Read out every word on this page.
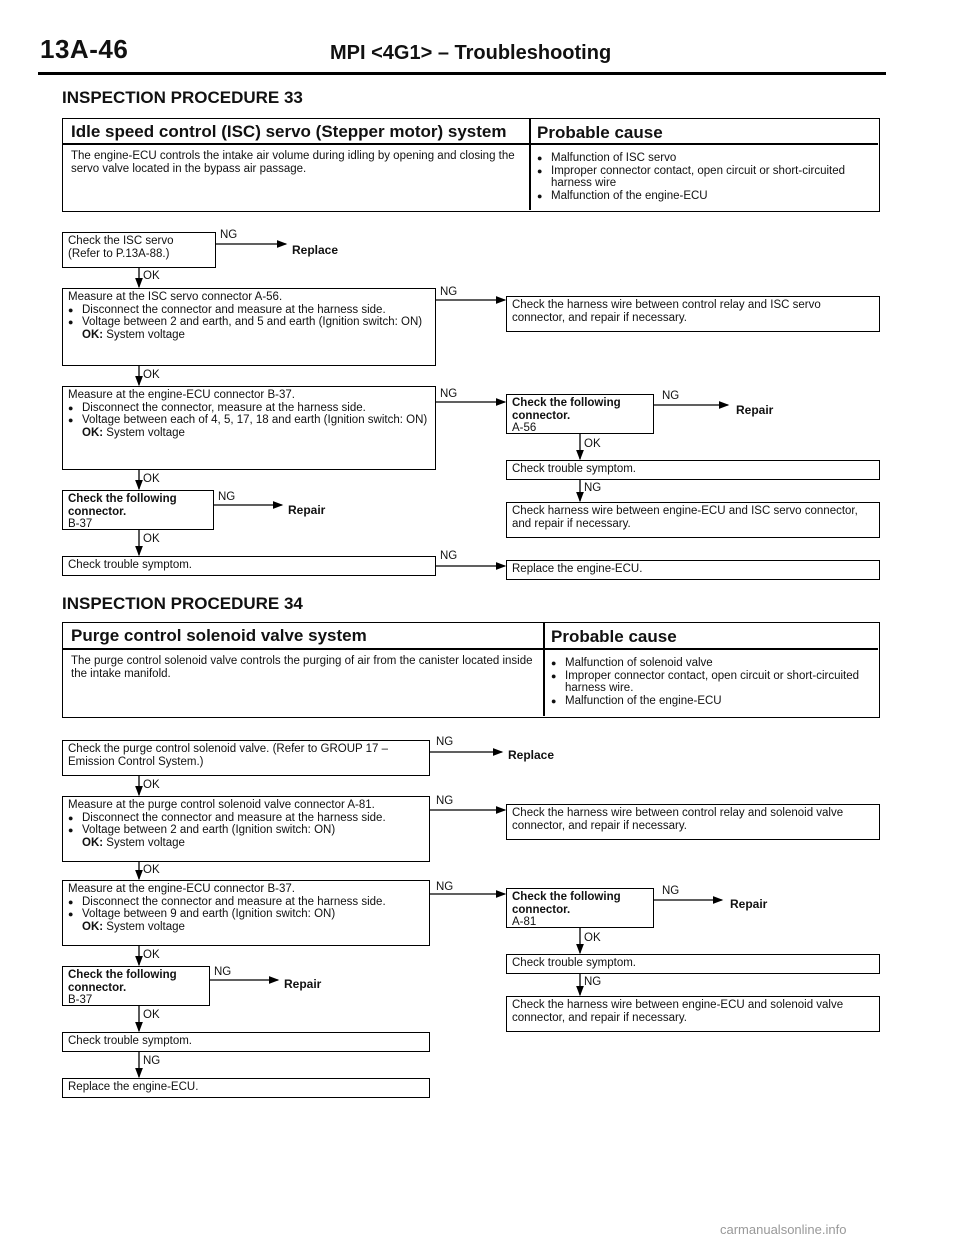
13A-46	MPI <4G1> – Troubleshooting
INSPECTION PROCEDURE 33
Idle speed control (ISC) servo (Stepper motor) system Probable cause
The engine-ECU controls the intake air volume during idling by opening and closing the servo valve located in the bypass air passage.
● Malfunction of ISC servo
● Improper connector contact, open circuit or short-circuited harness wire
● Malfunction of the engine-ECU
Check the ISC servo
(Refer to P.13A-88.)	Replace
Measure at the ISC servo connector A-56.
● Disconnect the connector and measure at the harness side.
● Voltage between 2 and earth, and 5 and earth (Ignition switch: ON)
OK: System voltage
Measure at the engine-ECU connector B-37.
● Disconnect the connector, measure at the harness side.
● Voltage between each of 4, 5, 17, 18 and earth (Ignition switch: ON)
OK: System voltage
Check the following connector.
B-37
Repair
Check trouble symptom.
Check the harness wire between control relay and ISC servo connector, and repair if necessary.
Check the following connector.
A-56
Repair
Check trouble symptom.
Check harness wire between engine-ECU and ISC servo connector, and repair if necessary.
Replace the engine-ECU.
INSPECTION PROCEDURE 34
Purge control solenoid valve system	Probable cause
The purge control solenoid valve controls the purging of air from the canister located inside the intake manifold.
● Malfunction of solenoid valve
● Improper connector contact, open circuit or short-circuited harness wire.
● Malfunction of the engine-ECU
Check the purge control solenoid valve. (Refer to GROUP 17 –
Emission Control System.)	Replace
Measure at the purge control solenoid valve connector A-81.
● Disconnect the connector and measure at the harness side.
● Voltage between 2 and earth (Ignition switch: ON)
OK: System voltage
Measure at the engine-ECU connector B-37.
● Disconnect the connector and measure at the harness side.
● Voltage between 9 and earth (Ignition switch: ON)
OK: System voltage
Check the following connector.
B-37
Repair
Check trouble symptom.
Replace the engine-ECU.
Check the harness wire between control relay and solenoid valve connector, and repair if necessary.
Check the following connector.
A-81
Repair
Check trouble symptom.
Check the harness wire between engine-ECU and solenoid valve connector, and repair if necessary.
NG
OK
NG
OK
NG	NG
OK
NG
OK
NG
OK
NG
NG
OK
NG
OK
NG	NG
OK
NG
OK
NG
OK
NG
carmanualsonline.info
